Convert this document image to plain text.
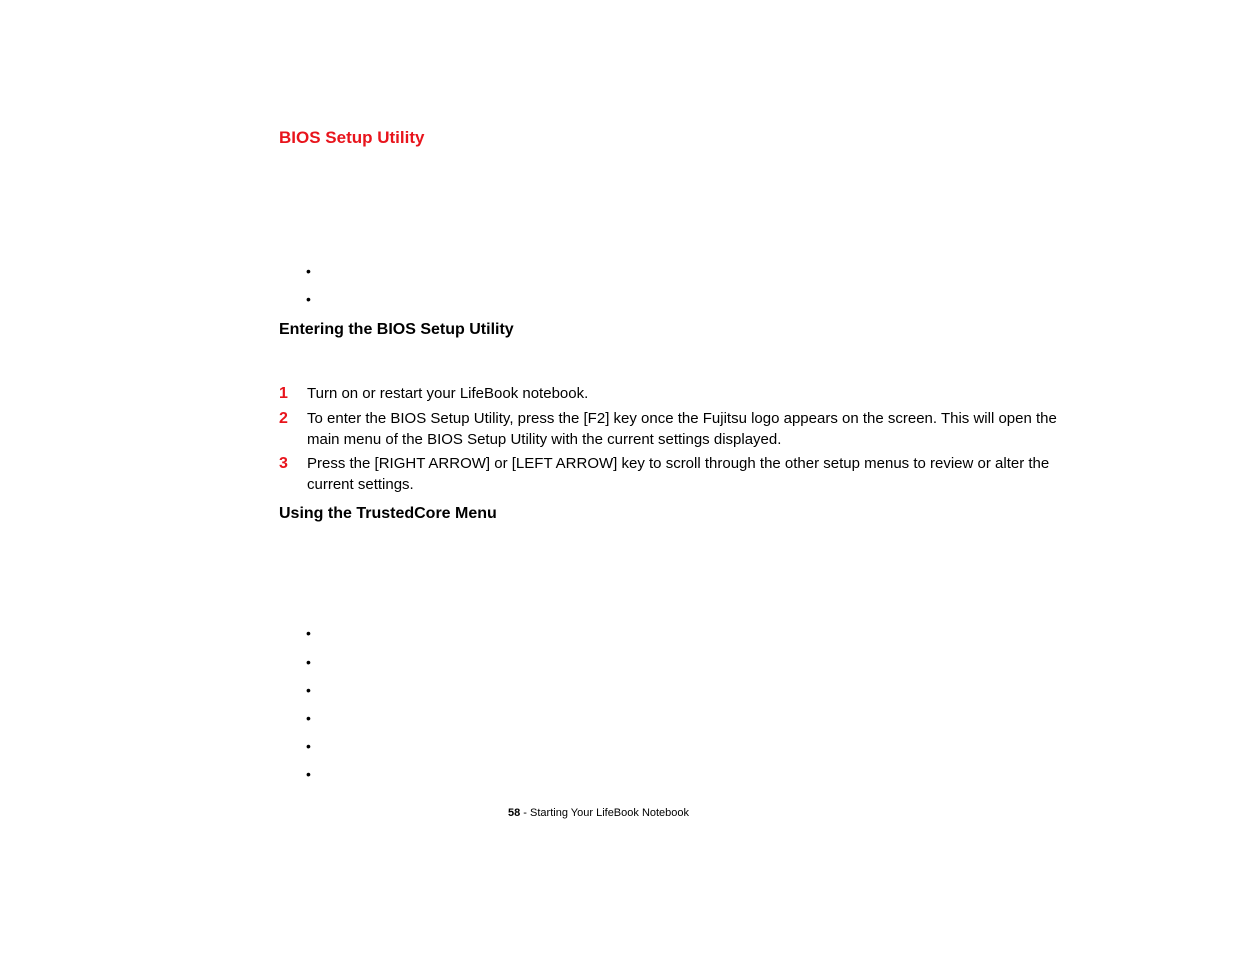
BIOS Setup Utility
•
•
Entering the BIOS Setup Utility
1	Turn on or restart your LifeBook notebook.
2	To enter the BIOS Setup Utility, press the [F2] key once the Fujitsu logo appears on the screen. This will open the main menu of the BIOS Setup Utility with the current settings displayed.
3	Press the [RIGHT ARROW] or [LEFT ARROW] key to scroll through the other setup menus to review or alter the current settings.
Using the TrustedCore Menu
•
•
•
•
•
•
58 - Starting Your LifeBook Notebook
